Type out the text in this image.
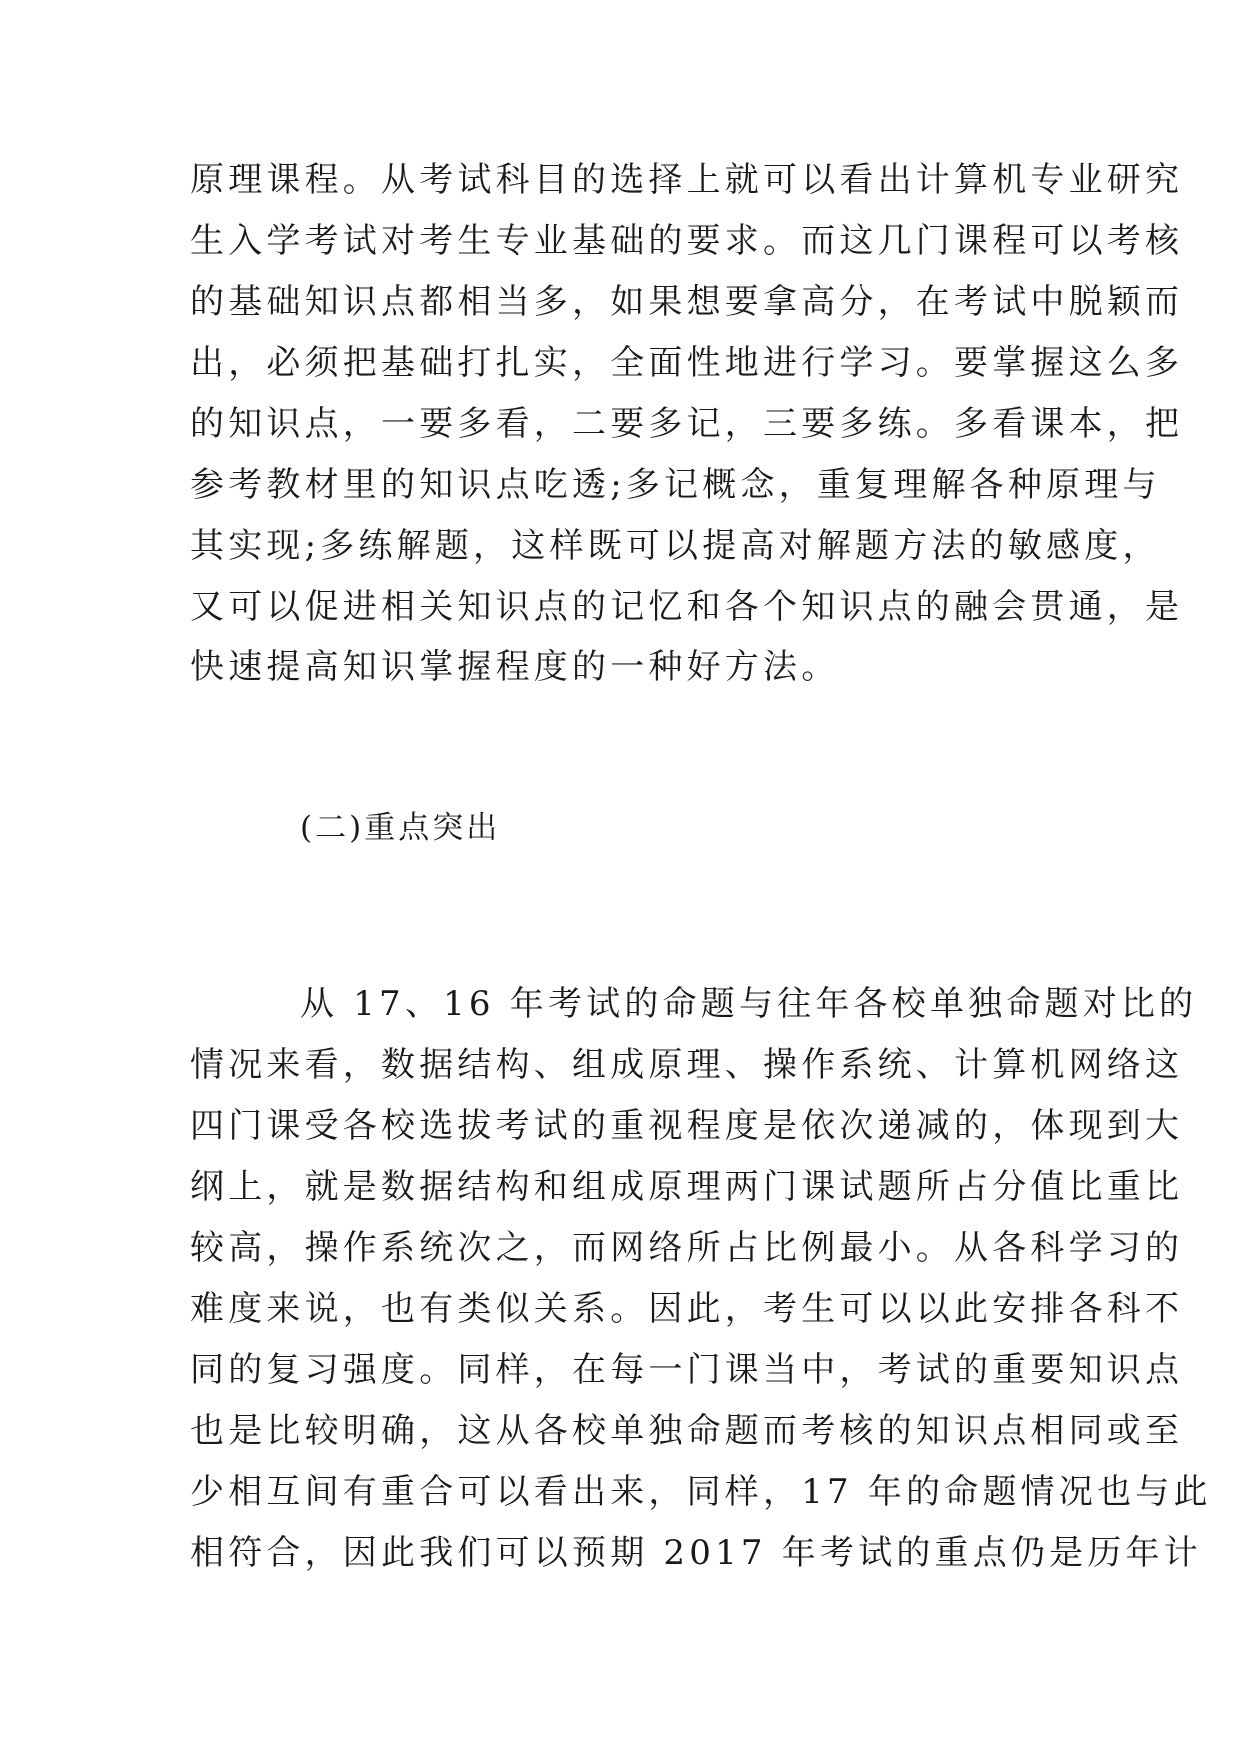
原理课程。从考试科目的选择上就可以看出计算机专业研究
生入学考试对考生专业基础的要求。而这几门课程可以考核
的基础知识点都相当多，如果想要拿高分，在考试中脱颖而
出，必须把基础打扎实，全面性地进行学习。要掌握这么多
的知识点，一要多看，二要多记，三要多练。多看课本，把
参考教材里的知识点吃透;多记概念，重复理解各种原理与
其实现;多练解题，这样既可以提高对解题方法的敏感度，
又可以促进相关知识点的记忆和各个知识点的融会贯通，是
快速提高知识掌握程度的一种好方法。
(二)重点突出
从 17、16 年考试的命题与往年各校单独命题对比的
情况来看，数据结构、组成原理、操作系统、计算机网络这
四门课受各校选拔考试的重视程度是依次递减的，体现到大
纲上，就是数据结构和组成原理两门课试题所占分值比重比
较高，操作系统次之，而网络所占比例最小。从各科学习的
难度来说，也有类似关系。因此，考生可以以此安排各科不
同的复习强度。同样，在每一门课当中，考试的重要知识点
也是比较明确，这从各校单独命题而考核的知识点相同或至
少相互间有重合可以看出来，同样，17 年的命题情况也与此
相符合，因此我们可以预期 2017 年考试的重点仍是历年计
